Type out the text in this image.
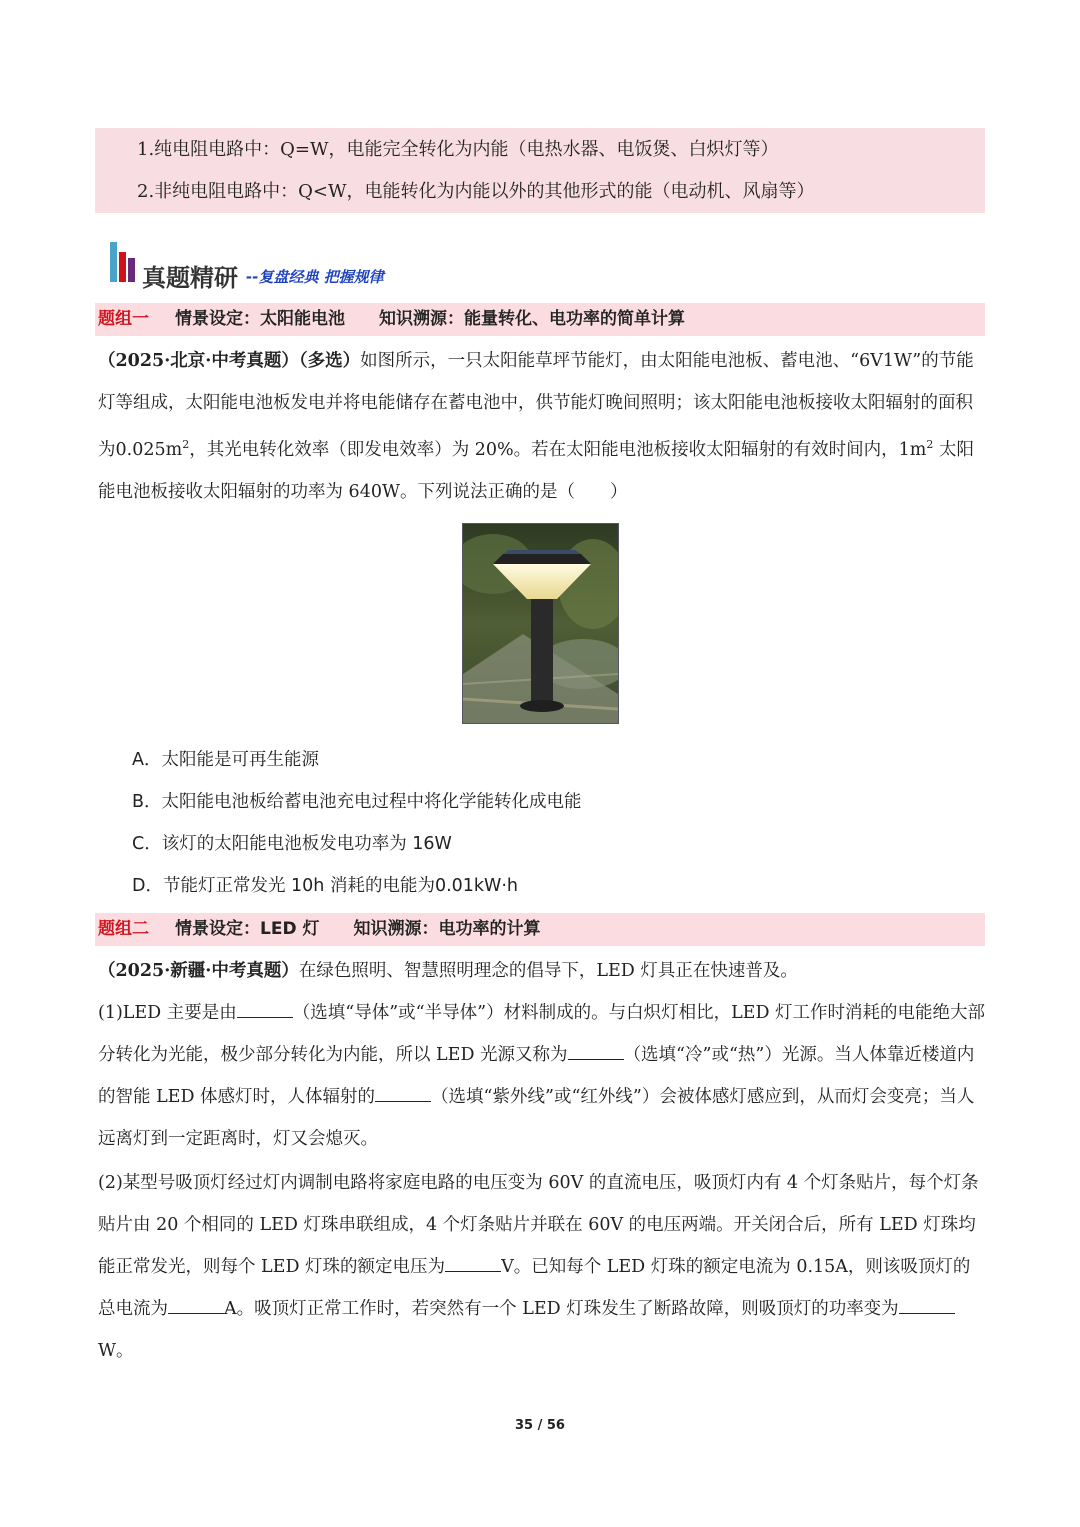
1.纯电阻电路中：Q=W，电能完全转化为内能（电热水器、电饭煲、白炽灯等）
2.非纯电阻电路中：Q<W，电能转化为内能以外的其他形式的能（电动机、风扇等）
真题精研 --复盘经典 把握规律
题组一 情景设定：太阳能电池　　知识溯源：能量转化、电功率的简单计算

（2025·北京·中考真题）（多选）如图所示，一只太阳能草坪节能灯，由太阳能电池板、蓄电池、“6V1W”的节能灯等组成，太阳能电池板发电并将电能储存在蓄电池中，供节能灯晚间照明；该太阳能电池板接收太阳辐射的面积为$0.025m^2$，其光电转化效率（即发电效率）为 20%。若在太阳能电池板接收太阳辐射的有效时间内，$1m^2$ 太阳能电池板接收太阳辐射的功率为 640W。下列说法正确的是（　　）

A．太阳能是可再生能源
B．太阳能电池板给蓄电池充电过程中将化学能转化成电能
C．该灯的太阳能电池板发电功率为 16W
D．节能灯正常发光 10h 消耗的电能为0.01kW·h
题组二 情景设定：LED 灯　　知识溯源：电功率的计算

（2025·新疆·中考真题）在绿色照明、智慧照明理念的倡导下，LED 灯具正在快速普及。

(1)LED 主要是由	（选填“导体”或“半导体”）材料制成的。与白炽灯相比，LED 灯工作时消耗的电能绝大部分转化为光能，极少部分转化为内能，所以 LED 光源又称为	（选填“冷”或“热”）光源。当人体靠近楼道内的智能 LED 体感灯时，人体辐射的	（选填“紫外线”或“红外线”）会被体感灯感应到，从而灯会变亮；当人远离灯到一定距离时，灯又会熄灭。

(2)某型号吸顶灯经过灯内调制电路将家庭电路的电压变为 60V 的直流电压，吸顶灯内有 4 个灯条贴片，每个灯条贴片由 20 个相同的 LED 灯珠串联组成，4 个灯条贴片并联在 60V 的电压两端。开关闭合后，所有 LED 灯珠均能正常发光，则每个 LED 灯珠的额定电压为	V。已知每个 LED 灯珠的额定电流为 0.15A，则该吸顶灯的总电流为	A。吸顶灯正常工作时，若突然有一个 LED 灯珠发生了断路故障，则吸顶灯的功率变为W。

35 / 56
